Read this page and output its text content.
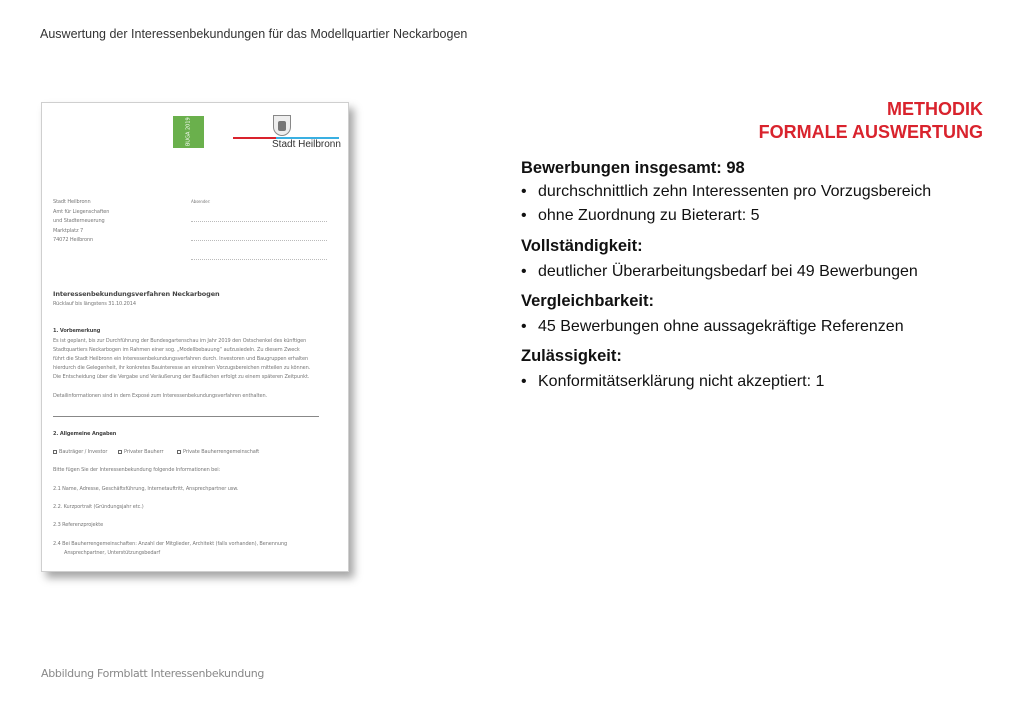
Auswertung der Interessenbekundungen für das Modellquartier Neckarbogen
BUGA 2019	Stadt Heilbronn
Stadt Heilbronn
Amt für Liegenschaften
und Stadterneuerung
Marktplatz 7
74072 Heilbronn
Absender:
Interessenbekundungsverfahren Neckarbogen
Rücklauf bis längstens 31.10.2014
1. Vorbemerkung
Es ist geplant, bis zur Durchführung der Bundesgartenschau im Jahr 2019 den Ostschenkel des künftigen
Stadtquartiers Neckarbogen im Rahmen einer sog. „Modellbebauung“ aufzusiedeln. Zu diesem Zweck
führt die Stadt Heilbronn ein Interessenbekundungsverfahren durch. Investoren und Baugruppen erhalten
hierdurch die Gelegenheit, ihr konkretes Bauinteresse an einzelnen Vorzugsbereichen mitteilen zu können.
Die Entscheidung über die Vergabe und Veräußerung der Bauflächen erfolgt zu einem späteren Zeitpunkt.
Detailinformationen sind in dem Exposé zum Interessenbekundungsverfahren enthalten.
2. Allgemeine Angaben
Bauträger / Investor	Privater Bauherr	Private Bauherrengemeinschaft
Bitte fügen Sie der Interessenbekundung folgende Informationen bei:
2.1 Name, Adresse, Geschäftsführung, Internetauftritt, Ansprechpartner usw.
2.2. Kurzportrait (Gründungsjahr etc.)
2.3 Referenzprojekte
2.4 Bei Bauherrengemeinschaften: Anzahl der Mitglieder, Architekt (falls vorhanden), Benennung
Ansprechpartner, Unterstützungsbedarf
METHODIK
FORMALE AUSWERTUNG
Bewerbungen insgesamt: 98
• durchschnittlich zehn Interessenten pro Vorzugsbereich
• ohne Zuordnung zu Bieterart: 5
Vollständigkeit:
• deutlicher Überarbeitungsbedarf bei 49 Bewerbungen
Vergleichbarkeit:
• 45 Bewerbungen ohne aussagekräftige Referenzen
Zulässigkeit:
• Konformitätserklärung nicht akzeptiert: 1
Abbildung Formblatt Interessenbekundung
